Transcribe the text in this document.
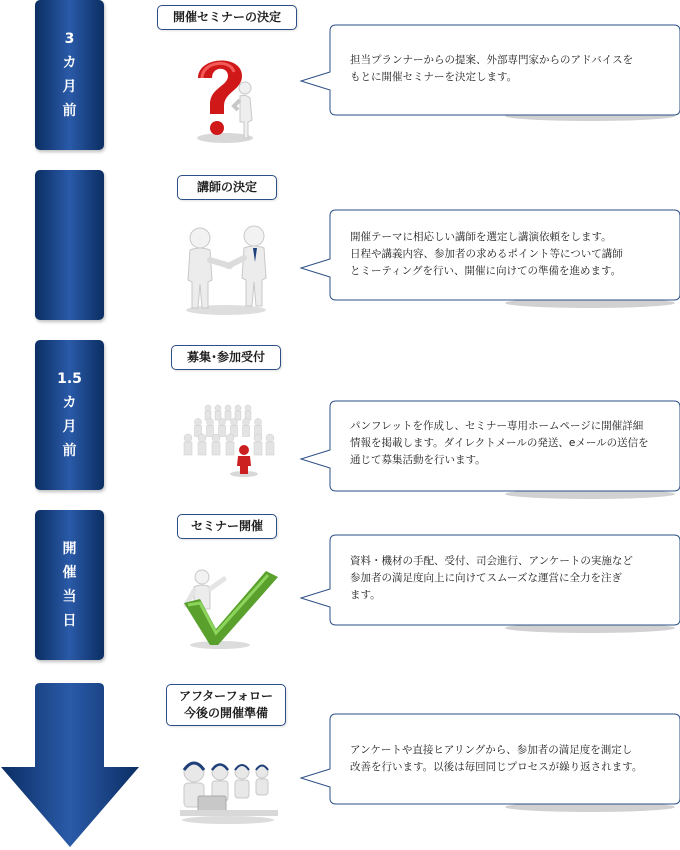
3
カ
月
前
1.5
カ
月
前
開
催
当
日
開催セミナーの決定
講師の決定
募集･参加受付
セミナー開催
アフターフォロー
今後の開催準備
担当プランナーからの提案、外部専門家からのアドバイスを
もとに開催セミナーを決定します。
開催テーマに相応しい講師を選定し講演依頼をします。
日程や講義内容、参加者の求めるポイント等について講師
とミーティングを行い、開催に向けての準備を進めます。
パンフレットを作成し、セミナー専用ホームページに開催詳細
情報を掲載します。ダイレクトメールの発送、eメールの送信を
通じて募集活動を行います。
資料・機材の手配、受付、司会進行、アンケートの実施など
参加者の満足度向上に向けてスムーズな運営に全力を注ぎ
ます。
アンケートや直接ヒアリングから、参加者の満足度を測定し
改善を行います。以後は毎回同じプロセスが繰り返されます。
